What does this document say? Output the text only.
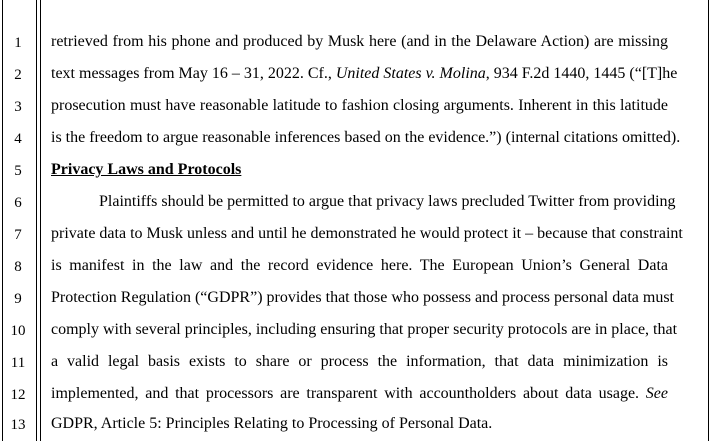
1
2
3
4
5
6
7
8
9
10
11
12
13
retrieved from his phone and produced by Musk here (and in the Delaware Action) are missing
text messages from May 16 – 31, 2022. Cf., United States v. Molina, 934 F.2d 1440, 1445 (“[T]he
prosecution must have reasonable latitude to fashion closing arguments. Inherent in this latitude
is the freedom to argue reasonable inferences based on the evidence.”) (internal citations omitted).
Privacy Laws and Protocols
Plaintiffs should be permitted to argue that privacy laws precluded Twitter from providing
private data to Musk unless and until he demonstrated he would protect it – because that constraint
is manifest in the law and the record evidence here. The European Union’s General Data
Protection Regulation (“GDPR”) provides that those who possess and process personal data must
comply with several principles, including ensuring that proper security protocols are in place, that
a valid legal basis exists to share or process the information, that data minimization is
implemented, and that processors are transparent with accountholders about data usage. See
GDPR, Article 5: Principles Relating to Processing of Personal Data.
